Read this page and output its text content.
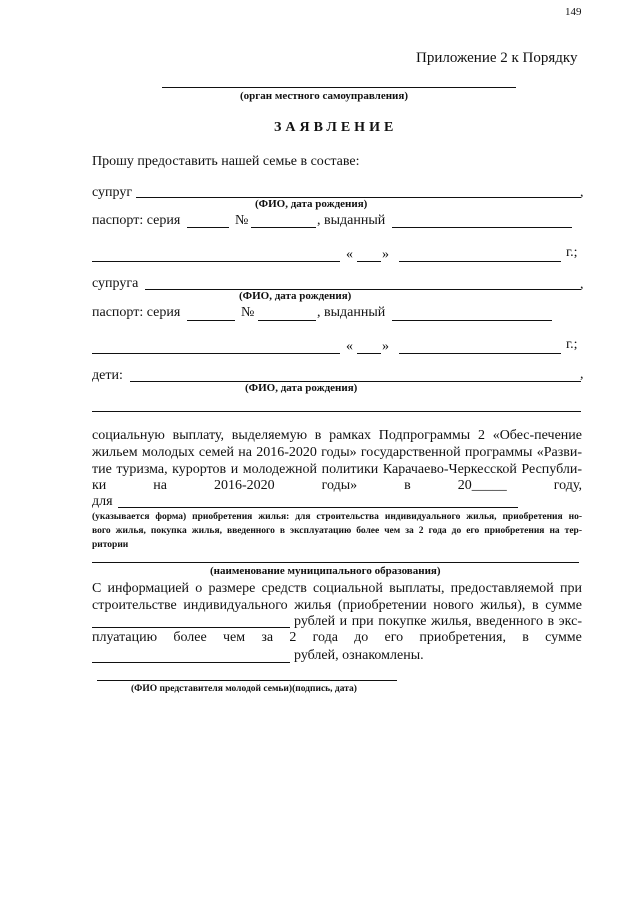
149
Приложение 2 к Порядку
(орган местного самоуправления)
ЗАЯВЛЕНИЕ
Прошу предоставить нашей семье в составе:
супруг	,
(ФИО, дата рождения)
паспорт: серия	№	, выданный
« »	г.;
супруга	,
(ФИО, дата рождения)
паспорт: серия	№	, выданный
« »	г.;
дети:	,
(ФИО, дата рождения)
социальную выплату, выделяемую в рамках Подпрограммы 2 «Обес-печение
жильем молодых семей на 2016-2020 годы» государственной программы «Разви-
тие туризма, курортов и молодежной политики Карачаево-Черкесской Республи-
ки	на	2016-2020	годы»	в	20_____	году,
для
(указывается форма) приобретения жилья: для строительства индивидуального жилья, приобретения но-
вого жилья, покупка жилья, введенного в эксплуатацию более чем за 2 года до его приобретения на тер-
ритории
(наименование муниципального образования)
С информацией о размере средств социальной выплаты, предоставляемой при
строительстве индивидуального жилья (приобретении нового жилья), в сумме
рублей и при покупке жилья, введенного в экс-
плуатацию более чем за 2 года до его приобретения, в сумме
рублей, ознакомлены.
(ФИО представителя молодой семьи)(подпись, дата)
